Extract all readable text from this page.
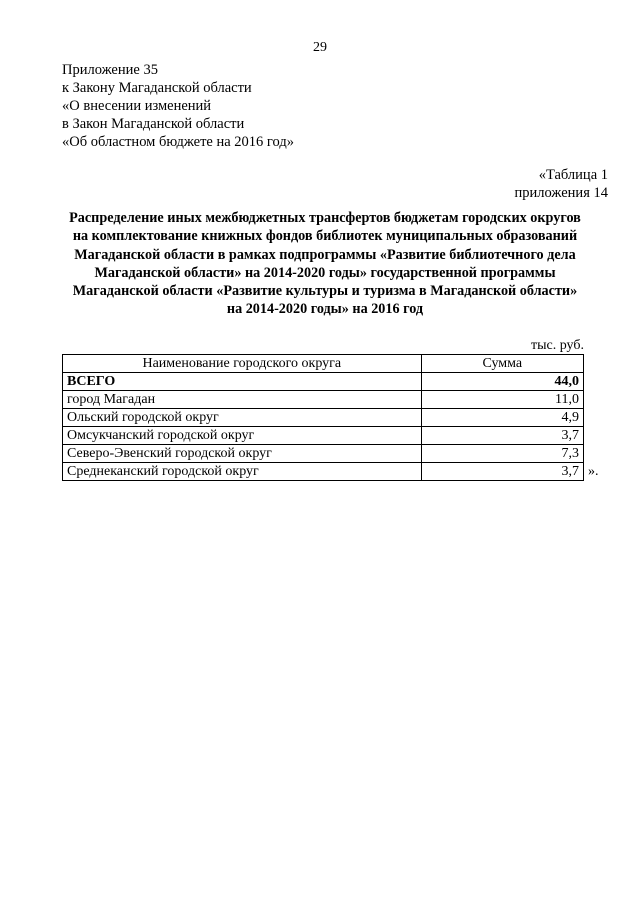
29
Приложение 35
к Закону Магаданской области
«О внесении изменений
в Закон Магаданской области
«Об областном бюджете на 2016 год»
«Таблица 1
приложения 14
Распределение иных межбюджетных трансфертов бюджетам городских округов
на комплектование книжных фондов библиотек муниципальных образований
Магаданской области в рамках подпрограммы «Развитие библиотечного дела
Магаданской области» на 2014-2020 годы» государственной программы
Магаданской области «Развитие культуры и туризма в Магаданской области»
на 2014-2020 годы» на 2016 год
тыс. руб.
Наименование городского округа	Сумма
ВСЕГО	44,0
город Магадан	11,0
Ольский городской округ	4,9
Омсукчанский городской округ	3,7
Северо-Эвенский городской округ	7,3
Среднеканский городской округ	3,7 ».
